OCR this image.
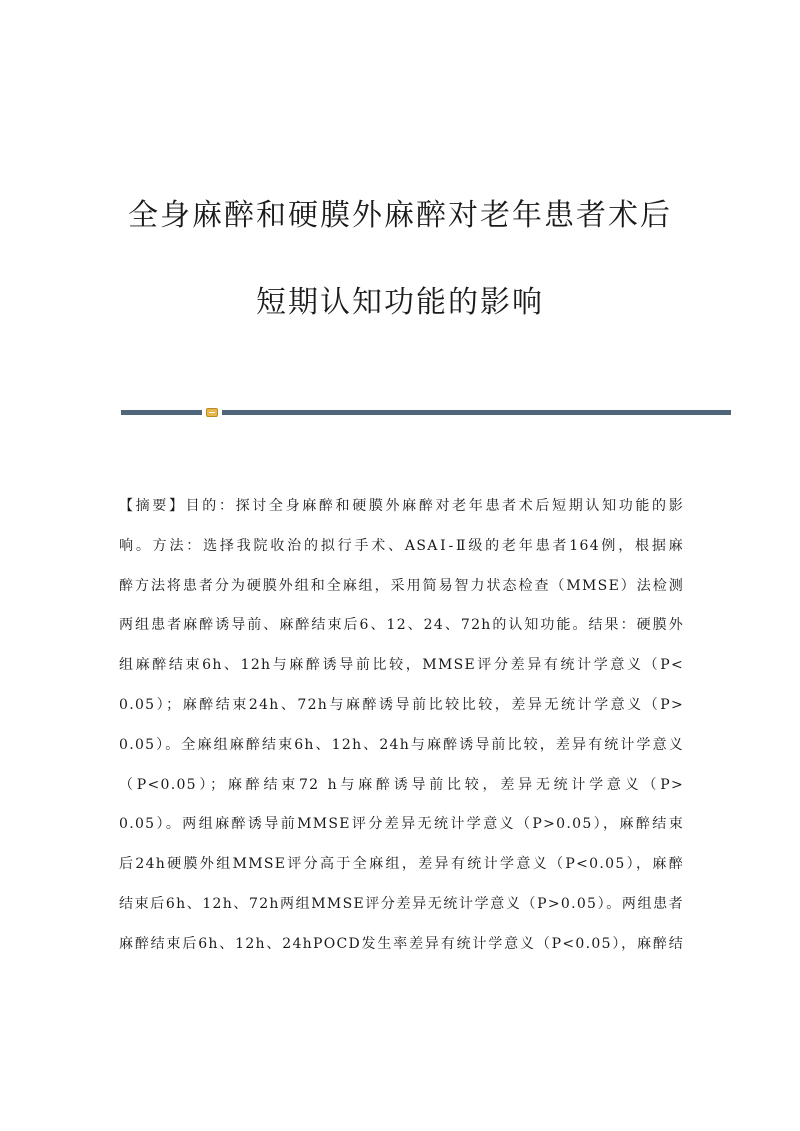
全身麻醉和硬膜外麻醉对老年患者术后
短期认知功能的影响
【摘要】目的：探讨全身麻醉和硬膜外麻醉对老年患者术后短期认知功能的影
响。方法：选择我院收治的拟行手术、ASAⅠ-Ⅱ级的老年患者164例，根据麻
醉方法将患者分为硬膜外组和全麻组，采用简易智力状态检查（MMSE）法检测
两组患者麻醉诱导前、麻醉结束后6、12、24、72h的认知功能。结果：硬膜外
组麻醉结束6h、12h与麻醉诱导前比较，MMSE评分差异有统计学意义（P<
0.05）；麻醉结束24h、72h与麻醉诱导前比较比较，差异无统计学意义（P>
0.05）。全麻组麻醉结束6h、12h、24h与麻醉诱导前比较，差异有统计学意义
（P<0.05）；麻醉结束72 h与麻醉诱导前比较，差异无统计学意义（P>
0.05）。两组麻醉诱导前MMSE评分差异无统计学意义（P>0.05），麻醉结束
后24h硬膜外组MMSE评分高于全麻组，差异有统计学意义（P<0.05），麻醉
结束后6h、12h、72h两组MMSE评分差异无统计学意义（P>0.05）。两组患者
麻醉结束后6h、12h、24hPOCD发生率差异有统计学意义（P<0.05），麻醉结
